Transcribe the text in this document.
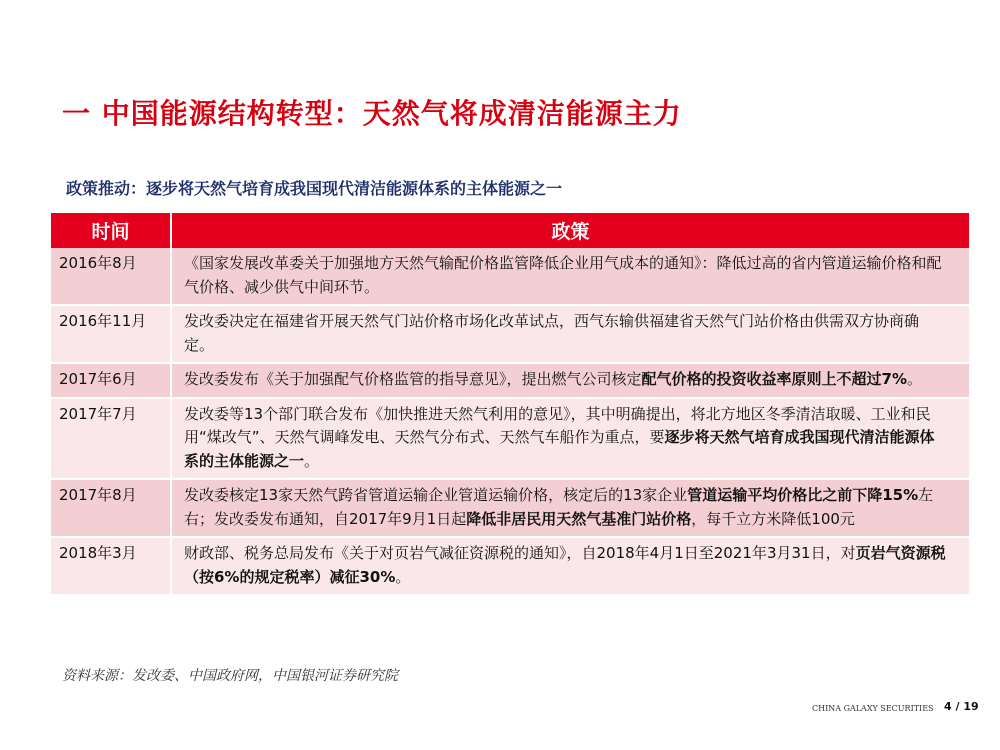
一 中国能源结构转型：天然气将成清洁能源主力
政策推动：逐步将天然气培育成我国现代清洁能源体系的主体能源之一
时间	政策
2016年8月	《国家发展改革委关于加强地方天然气输配价格监管降低企业用气成本的通知》：降低过高的省内管道运输价格和配气价格、减少供气中间环节。
2016年11月	发改委决定在福建省开展天然气门站价格市场化改革试点，西气东输供福建省天然气门站价格由供需双方协商确定。
2017年6月	发改委发布《关于加强配气价格监管的指导意见》，提出燃气公司核定配气价格的投资收益率原则上不超过7%。
2017年7月	发改委等13个部门联合发布《加快推进天然气利用的意见》，其中明确提出，将北方地区冬季清洁取暖、工业和民用“煤改气”、天然气调峰发电、天然气分布式、天然气车船作为重点，要逐步将天然气培育成我国现代清洁能源体系的主体能源之一。
2017年8月	发改委核定13家天然气跨省管道运输企业管道运输价格，核定后的13家企业管道运输平均价格比之前下降15%左右；发改委发布通知，自2017年9月1日起降低非居民用天然气基准门站价格，每千立方米降低100元
2018年3月	财政部、税务总局发布《关于对页岩气减征资源税的通知》，自2018年4月1日至2021年3月31日，对页岩气资源税（按6%的规定税率）减征30%。
资料来源：发改委、中国政府网，中国银河证券研究院
CHINA GALAXY SECURITIES 4 / 19
